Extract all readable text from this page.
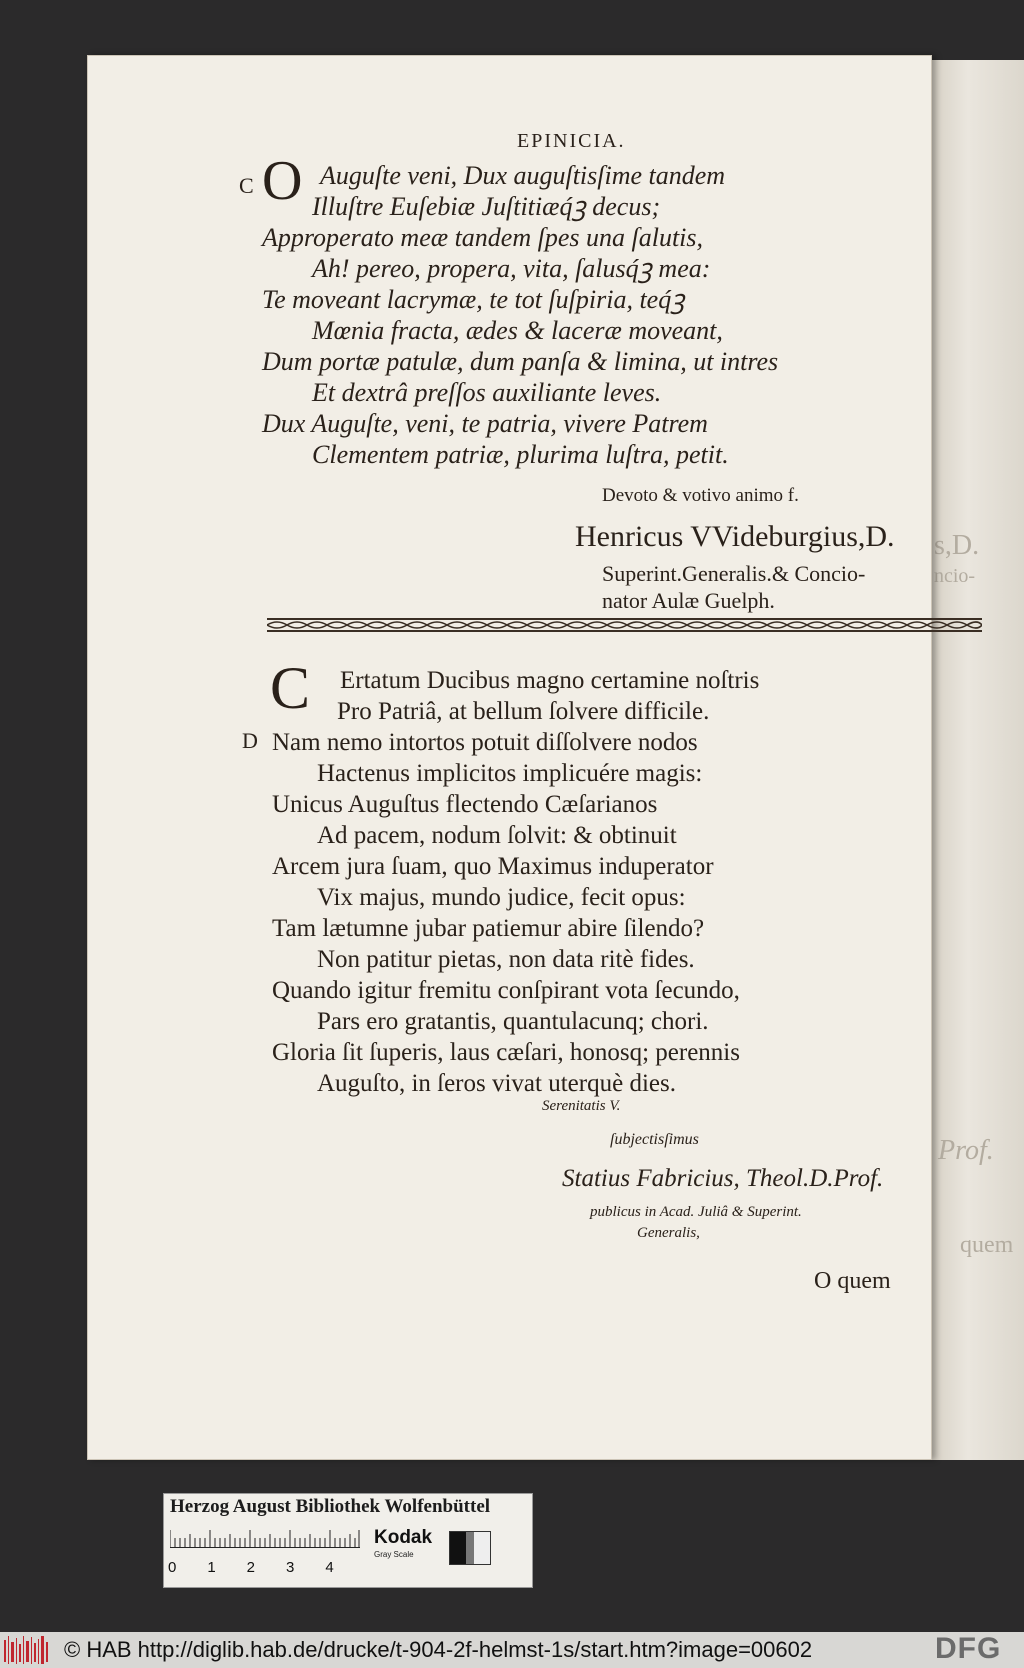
s,D.
ncio-
Prof.
quem
EPINICIA.
C
D
O Auguſte veni, Dux auguſtisſime tandem
Illuſtre Euſebiæ Juſtitiæq́ꝫ decus;
Approperato meæ tandem ſpes una ſalutis,
Ah! pereo, propera, vita, ſalusq́ꝫ mea:
Te moveant lacrymæ, te tot ſuſpiria, teq́ꝫ
Mœnia fracta, ædes & laceræ moveant,
Dum portæ patulæ, dum panſa & limina, ut intres
Et dextrâ preſſos auxiliante leves.
Dux Auguſte, veni, te patria, vivere Patrem
Clementem patriæ, plurima luſtra, petit.
Devoto & votivo animo f.
Henricus VVideburgius,D.
Superint.Generalis.& Concio-
nator Aulæ Guelph.
C	Ertatum Ducibus magno certamine noſtris
Pro Patriâ, at bellum ſolvere difficile.
Nam nemo intortos potuit diſſolvere nodos
Hactenus implicitos implicuére magis:
Unicus Auguſtus flectendo Cæſarianos
Ad pacem, nodum ſolvit: & obtinuit
Arcem jura ſuam, quo Maximus induperator
Vix majus, mundo judice, fecit opus:
Tam lætumne jubar patiemur abire ſilendo?
Non patitur pietas, non data ritè fides.
Quando igitur fremitu conſpirant vota ſecundo,
Pars ero gratantis, quantulacunq; chori.
Gloria ſit ſuperis, laus cæſari, honosq; perennis
Auguſto, in ſeros vivat uterquè dies.
Serenitatis V.
ſubjectisſimus
Statius Fabricius, Theol.D.Prof.
publicus in Acad. Juliâ & Superint.
Generalis,
O quem
Herzog August Bibliothek Wolfenbüttel
Kodak
Gray Scale
01234
© HAB http://diglib.hab.de/drucke/t-904-2f-helmst-1s/start.htm?image=00602	DFG
